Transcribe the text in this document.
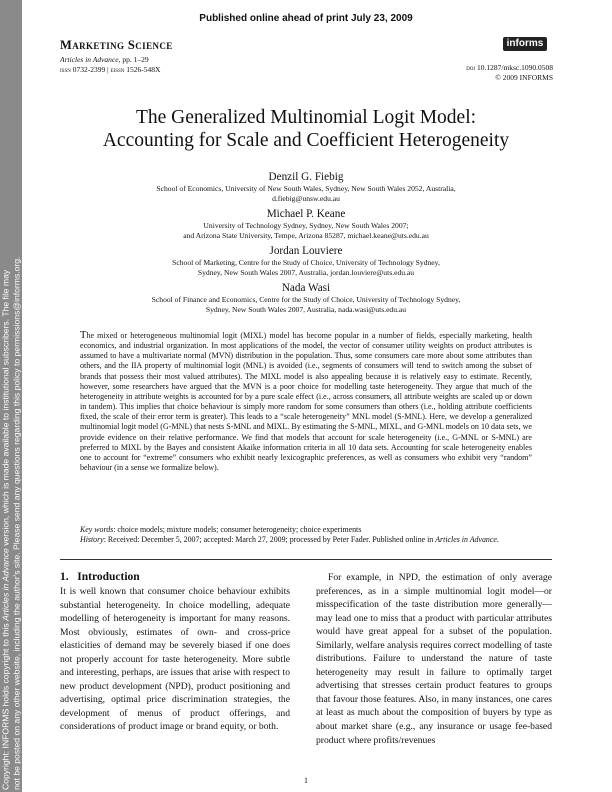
Copyright: INFORMS holds copyright to this Articles in Advance version, which is made available to institutional subscribers. The file may not be posted on any other website, including the author's site. Please send any questions regarding this policy to permissions@informs.org.
Published online ahead of print July 23, 2009
Marketing Science
Articles in Advance, pp. 1–29
issn 0732-2399 | eissn 1526-548X
informs
doi 10.1287/mksc.1090.0508
© 2009 INFORMS
The Generalized Multinomial Logit Model:
Accounting for Scale and Coefficient Heterogeneity
Denzil G. Fiebig
School of Economics, University of New South Wales, Sydney, New South Wales 2052, Australia,
d.fiebig@unsw.edu.au
Michael P. Keane
University of Technology Sydney, Sydney, New South Wales 2007;
and Arizona State University, Tempe, Arizona 85287, michael.keane@uts.edu.au
Jordan Louviere
School of Marketing, Centre for the Study of Choice, University of Technology Sydney,
Sydney, New South Wales 2007, Australia, jordan.louviere@uts.edu.au
Nada Wasi
School of Finance and Economics, Centre for the Study of Choice, University of Technology Sydney,
Sydney, New South Wales 2007, Australia, nada.wasi@uts.edu.au
The mixed or heterogeneous multinomial logit (MIXL) model has become popular in a number of fields, especially marketing, health economics, and industrial organization. In most applications of the model, the vector of consumer utility weights on product attributes is assumed to have a multivariate normal (MVN) distribution in the population. Thus, some consumers care more about some attributes than others, and the IIA property of multinomial logit (MNL) is avoided (i.e., segments of consumers will tend to switch among the subset of brands that possess their most valued attributes). The MIXL model is also appealing because it is relatively easy to estimate. Recently, however, some researchers have argued that the MVN is a poor choice for modelling taste heterogeneity. They argue that much of the heterogeneity in attribute weights is accounted for by a pure scale effect (i.e., across consumers, all attribute weights are scaled up or down in tandem). This implies that choice behaviour is simply more random for some consumers than others (i.e., holding attribute coefficients fixed, the scale of their error term is greater). This leads to a “scale heterogeneity” MNL model (S-MNL). Here, we develop a generalized multinomial logit model (G-MNL) that nests S-MNL and MIXL. By estimating the S-MNL, MIXL, and G-MNL models on 10 data sets, we provide evidence on their relative performance. We find that models that account for scale heterogeneity (i.e., G-MNL or S-MNL) are preferred to MIXL by the Bayes and consistent Akaike information criteria in all 10 data sets. Accounting for scale heterogeneity enables one to account for “extreme” consumers who exhibit nearly lexicographic preferences, as well as consumers who exhibit very “random” behaviour (in a sense we formalize below).
Key words: choice models; mixture models; consumer heterogeneity; choice experiments
History: Received: December 5, 2007; accepted: March 27, 2009; processed by Peter Fader. Published online in Articles in Advance.
1. Introduction

It is well known that consumer choice behaviour exhibits substantial heterogeneity. In choice modelling, adequate modelling of heterogeneity is important for many reasons. Most obviously, estimates of own- and cross-price elasticities of demand may be severely biased if one does not properly account for taste heterogeneity. More subtle and interesting, perhaps, are issues that arise with respect to new product development (NPD), product positioning and advertising, optimal price discrimination strategies, the development of menus of product offerings, and considerations of product image or brand equity, or both.

For example, in NPD, the estimation of only average preferences, as in a simple multinomial logit model—or misspecification of the taste distribution more generally—may lead one to miss that a product with particular attributes would have great appeal for a subset of the population. Similarly, welfare analysis requires correct modelling of taste distributions. Failure to understand the nature of taste heterogeneity may result in failure to optimally target advertising that stresses certain product features to groups that favour those features. Also, in many instances, one cares at least as much about the composition of buyers by type as about market share (e.g., any insurance or usage fee-based product where profits/revenues

1
